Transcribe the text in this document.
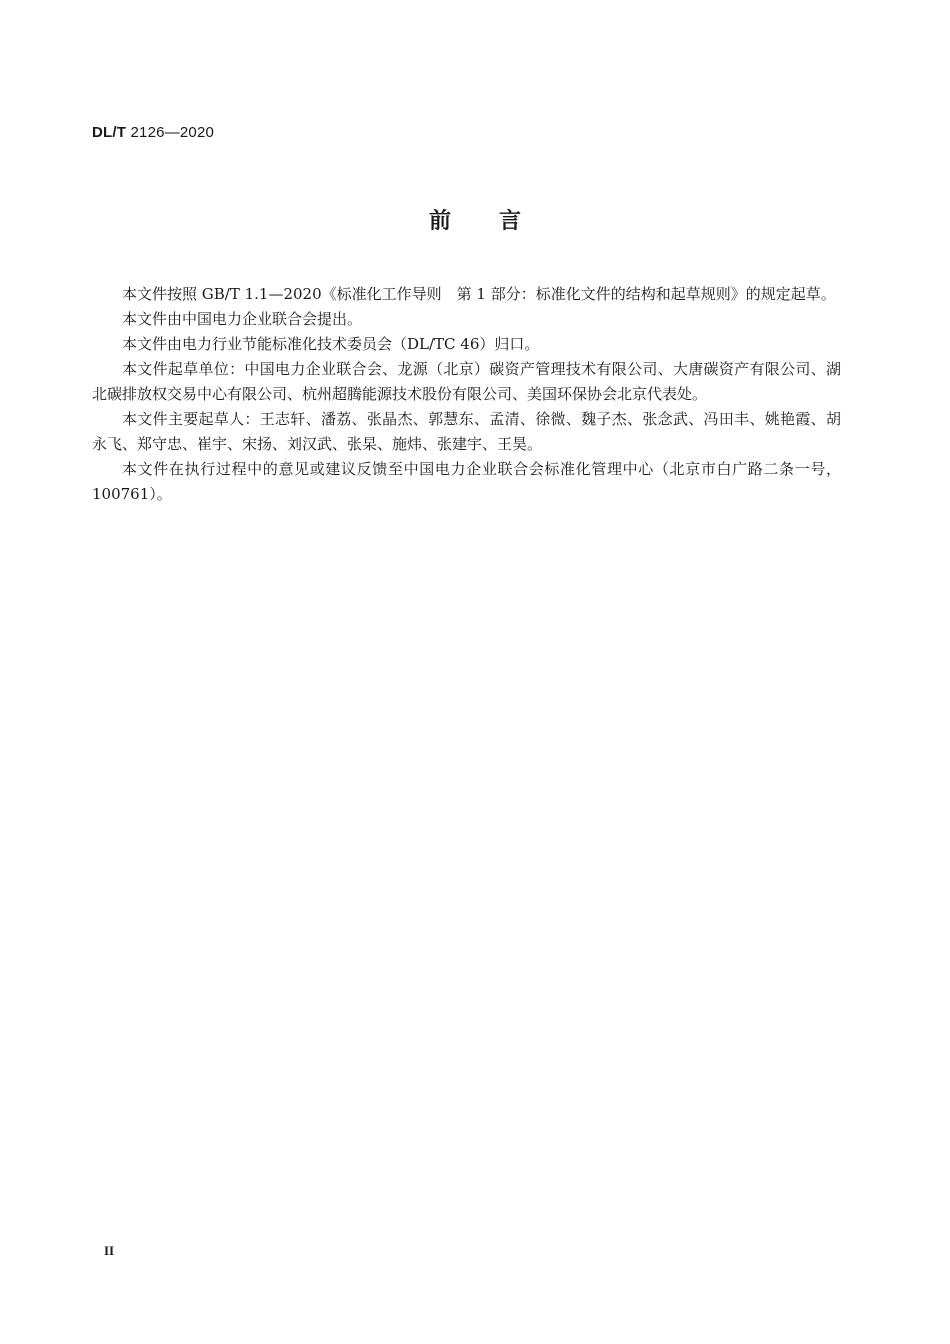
DL/T 2126—2020
前言

本文件按照 GB/T 1.1—2020《标准化工作导则　第 1 部分：标准化文件的结构和起草规则》的规定起草。

本文件由中国电力企业联合会提出。

本文件由电力行业节能标准化技术委员会（DL/TC 46）归口。

本文件起草单位：中国电力企业联合会、龙源（北京）碳资产管理技术有限公司、大唐碳资产有限公司、湖北碳排放权交易中心有限公司、杭州超腾能源技术股份有限公司、美国环保协会北京代表处。

本文件主要起草人：王志轩、潘荔、张晶杰、郭慧东、孟清、徐微、魏子杰、张念武、冯田丰、姚艳霞、胡永飞、郑守忠、崔宇、宋扬、刘汉武、张杲、施炜、张建宇、王昊。

本文件在执行过程中的意见或建议反馈至中国电力企业联合会标准化管理中心（北京市白广路二条一号，100761）。

II
